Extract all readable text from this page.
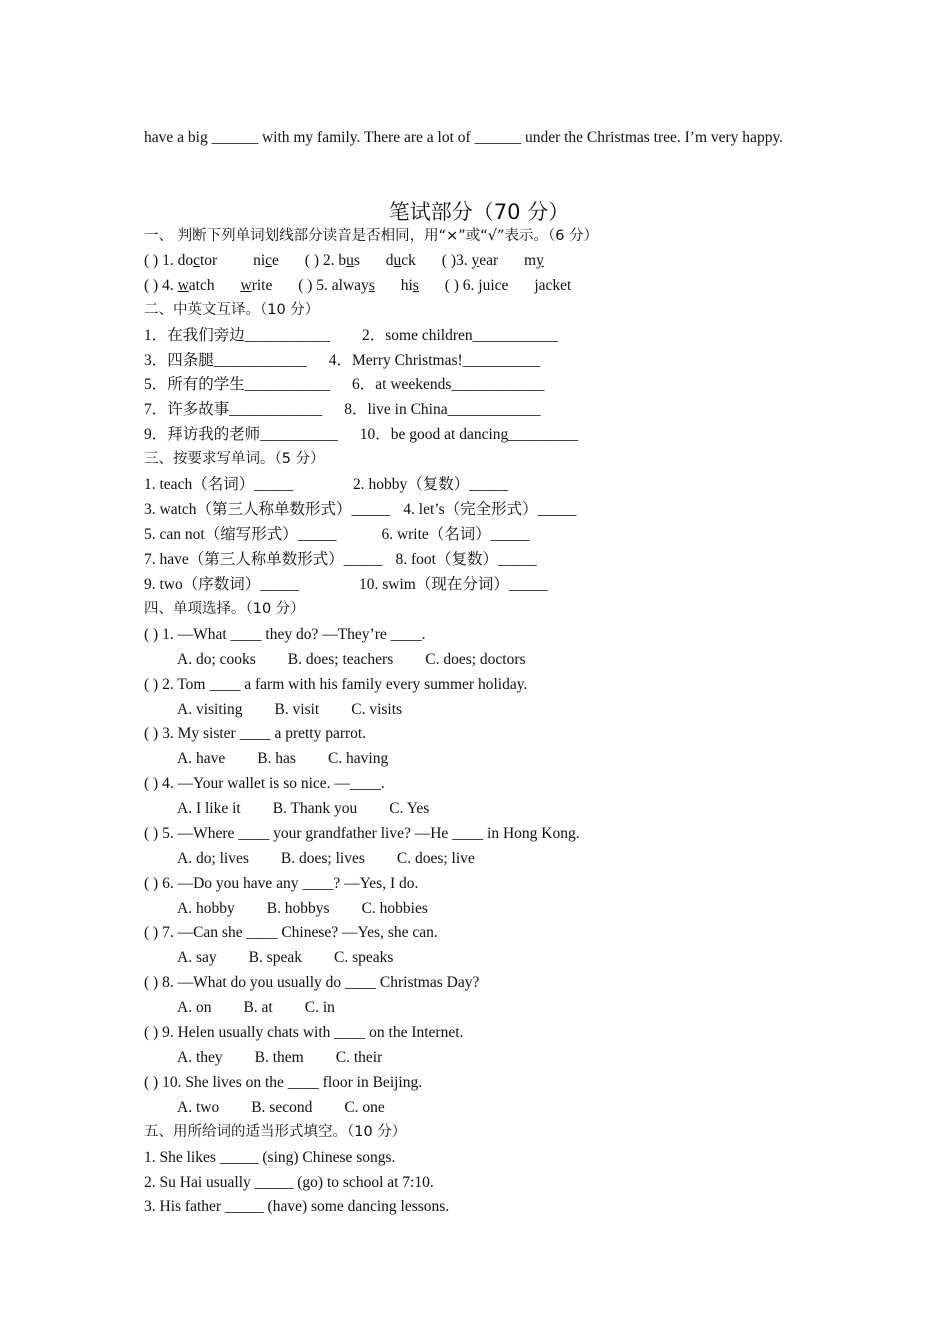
have a big ______ with my family. There are a lot of ______ under the Christmas tree. I’m very happy.
笔试部分（70 分）
一、 判断下列单词划线部分读音是否相同，用“×”或“√”表示。（6 分）
( ) 1. doctor nice ( ) 2. bus duck ( )3. year my
( ) 4. watch write ( ) 5. always his ( ) 6. juice jacket
二、中英文互译。（10 分）
1．在我们旁边___________ 2．some children___________
3．四条腿____________ 4．Merry Christmas!__________
5．所有的学生___________ 6．at weekends____________
7．许多故事____________ 8．live in China____________
9．拜访我的老师__________ 10．be good at dancing_________
三、按要求写单词。（5 分）
1. teach（名词）_____	2. hobby（复数）_____
3. watch（第三人称单数形式）_____ 4. let’s（完全形式）_____
5. can not（缩写形式）_____	6. write（名词）_____
7. have（第三人称单数形式）_____ 8. foot（复数）_____
9. two（序数词）_____	10. swim（现在分词）_____
四、单项选择。（10 分）
( ) 1. —What ____ they do? —They’re ____.
A. do; cooks B. does; teachers C. does; doctors
( ) 2. Tom ____ a farm with his family every summer holiday.
A. visiting B. visit C. visits
( ) 3. My sister ____ a pretty parrot.
A. have B. has C. having
( ) 4. —Your wallet is so nice. —____.
A. I like it B. Thank you C. Yes
( ) 5. —Where ____ your grandfather live? —He ____ in Hong Kong.
A. do; lives B. does; lives C. does; live
( ) 6. —Do you have any ____? —Yes, I do.
A. hobby B. hobbys C. hobbies
( ) 7. —Can she ____ Chinese? —Yes, she can.
A. say B. speak C. speaks
( ) 8. —What do you usually do ____ Christmas Day?
A. on B. at C. in
( ) 9. Helen usually chats with ____ on the Internet.
A. they B. them C. their
( ) 10. She lives on the ____ floor in Beijing.
A. two B. second C. one
五、用所给词的适当形式填空。（10 分）
1. She likes _____ (sing) Chinese songs.
2. Su Hai usually _____ (go) to school at 7:10.
3. His father _____ (have) some dancing lessons.
